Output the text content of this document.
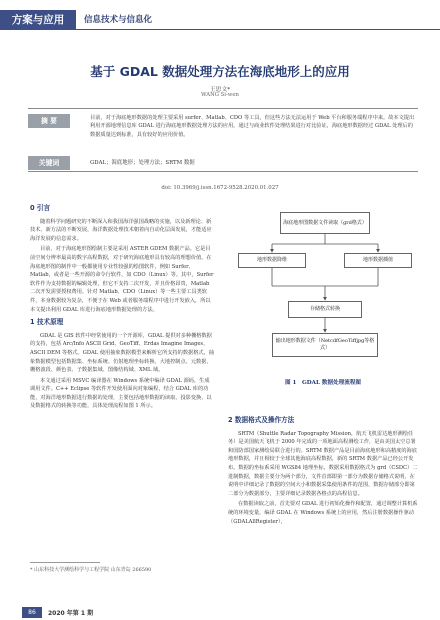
方案与应用	信息技术与信息化
基于 GDAL 数据处理方法在海底地形上的应用
王思文*
WANG Si-wen
摘 要	目前，对于海底地形数据的处理主要采用 surfer、Matlab、CDO 等工具，但这些方法无法运用于 Web 平台和服务端程序中来。故本文提出利用开源地理信息库 GDAL 进行海底地形数据处理方法的应用。通过与商业软件处理结果进行对比验证，海底地形数据经过 GDAL 处理后的数据质量达到标准，具有较好的应用价值。
关键词	GDAL；海底地形；处理方法；SRTM 数据
doi: 10.3969/j.issn.1672-9528.2020.01.027
0 引言

随着科学问题研究的不断深入和我国海洋强国战略的实施，以及新理论、新技术、新方法的不断发展，海洋数据处理技术朝着向自动化层面发展，才能适应海洋发展的信息需求。

目前，对于海底地形图绘制主要是采用 ASTER GDEM 数据产品。它是目前空间分辨率最高的数字高程数据，对于研究海底地形具有较高的理想价值。在海底地形图的制作中一般都使用专业性较强的绘图软件，例如 Surfer、Matlab，或者是一些开源的命令行软件，如 CDO（Linux）等。其中，Surfer 软件作为支持数据的编辑处理，但它不支持二次开发，并且价格昂贵，Matlab 二次开发需要授权费用。针对 Matlab、CDO（Linux）等一些主要工具类软件，本身数据较为复杂，不便于在 Web 或者服务端程序中进行开发嵌入，所以本文提出利用 GDAL 库进行海底地形数据处理的方法。

1 技术原理

GDAL 是 GIS 软件中经常使用的一个开源库，GDAL 提供对多种栅格数据的支持，包括 Arc/Info ASCII Grid、GeoTiff、Erdas Imagine Images、ASCII DEM 等格式。GDAL 使用抽象数据模型来解析它所支持的数据格式，抽象数据模型包括数据集、坐标系统、仿射地理坐标转换、大地控制点、元数据、栅格波段、颜色表、子数据集域、图像结构域、XML 域。

本文通过采用 MSVC 编译器在 Windows 系统中编译 GDAL 源码，生成调用文件。C++ Eclipse 等软件开发使用面向对象编程，结合 GDAL 库的功能，对海洋地形数据进行数据的处理，主要包括地形数据的读取、投影变换、以及数据格式的转换等功能，具体处理流程如图 1 所示。

* 山东科技大学测绘科学与工程学院 山东青岛 266590
海底地形图数据文件读取（grd格式）
地形数据降维	地形数据插值
存储格式转换
输出地形数据文件（NetcdfGeoTiffjpg等格式）
图 1　GDAL 数据处理流程图
2 数据格式及操作方法

SRTM（Shuttle Radar Topography Mission，航天飞机雷达地形测绘任务）是美国航天飞机于 2000 年完成的一项地面高程测绘工作，是由美国太空总署和国防部国家测绘局联合进行的。SRTM 数据产品是目前海底地形和高精度的海底地形数据，并且相较于全球其他海底高程数据，新的 SRTM 数据产品已经公开发布。数据的坐标系采用 WGS84 地理坐标，数据采用数据格式为 grd（CSDC）二进制数据，数据主要分为两个部分，文件首部即第一部分为数据存储格式说明，在说明中详细记录了数据的空间大小和数据采集使用条件的范围，数据存储部分即第二部分为数据部分，主要详细记录数据各格点的高程信息。

在数据读取之前，首先要对 GDAL 进行初始化操作和配置，通过调整计算机系统的环境变量，编译 GDAL 在 Windows 系统上的应用，然后注册数据操作驱动（GDALAllRegister），

86	2020 年第 1 期
